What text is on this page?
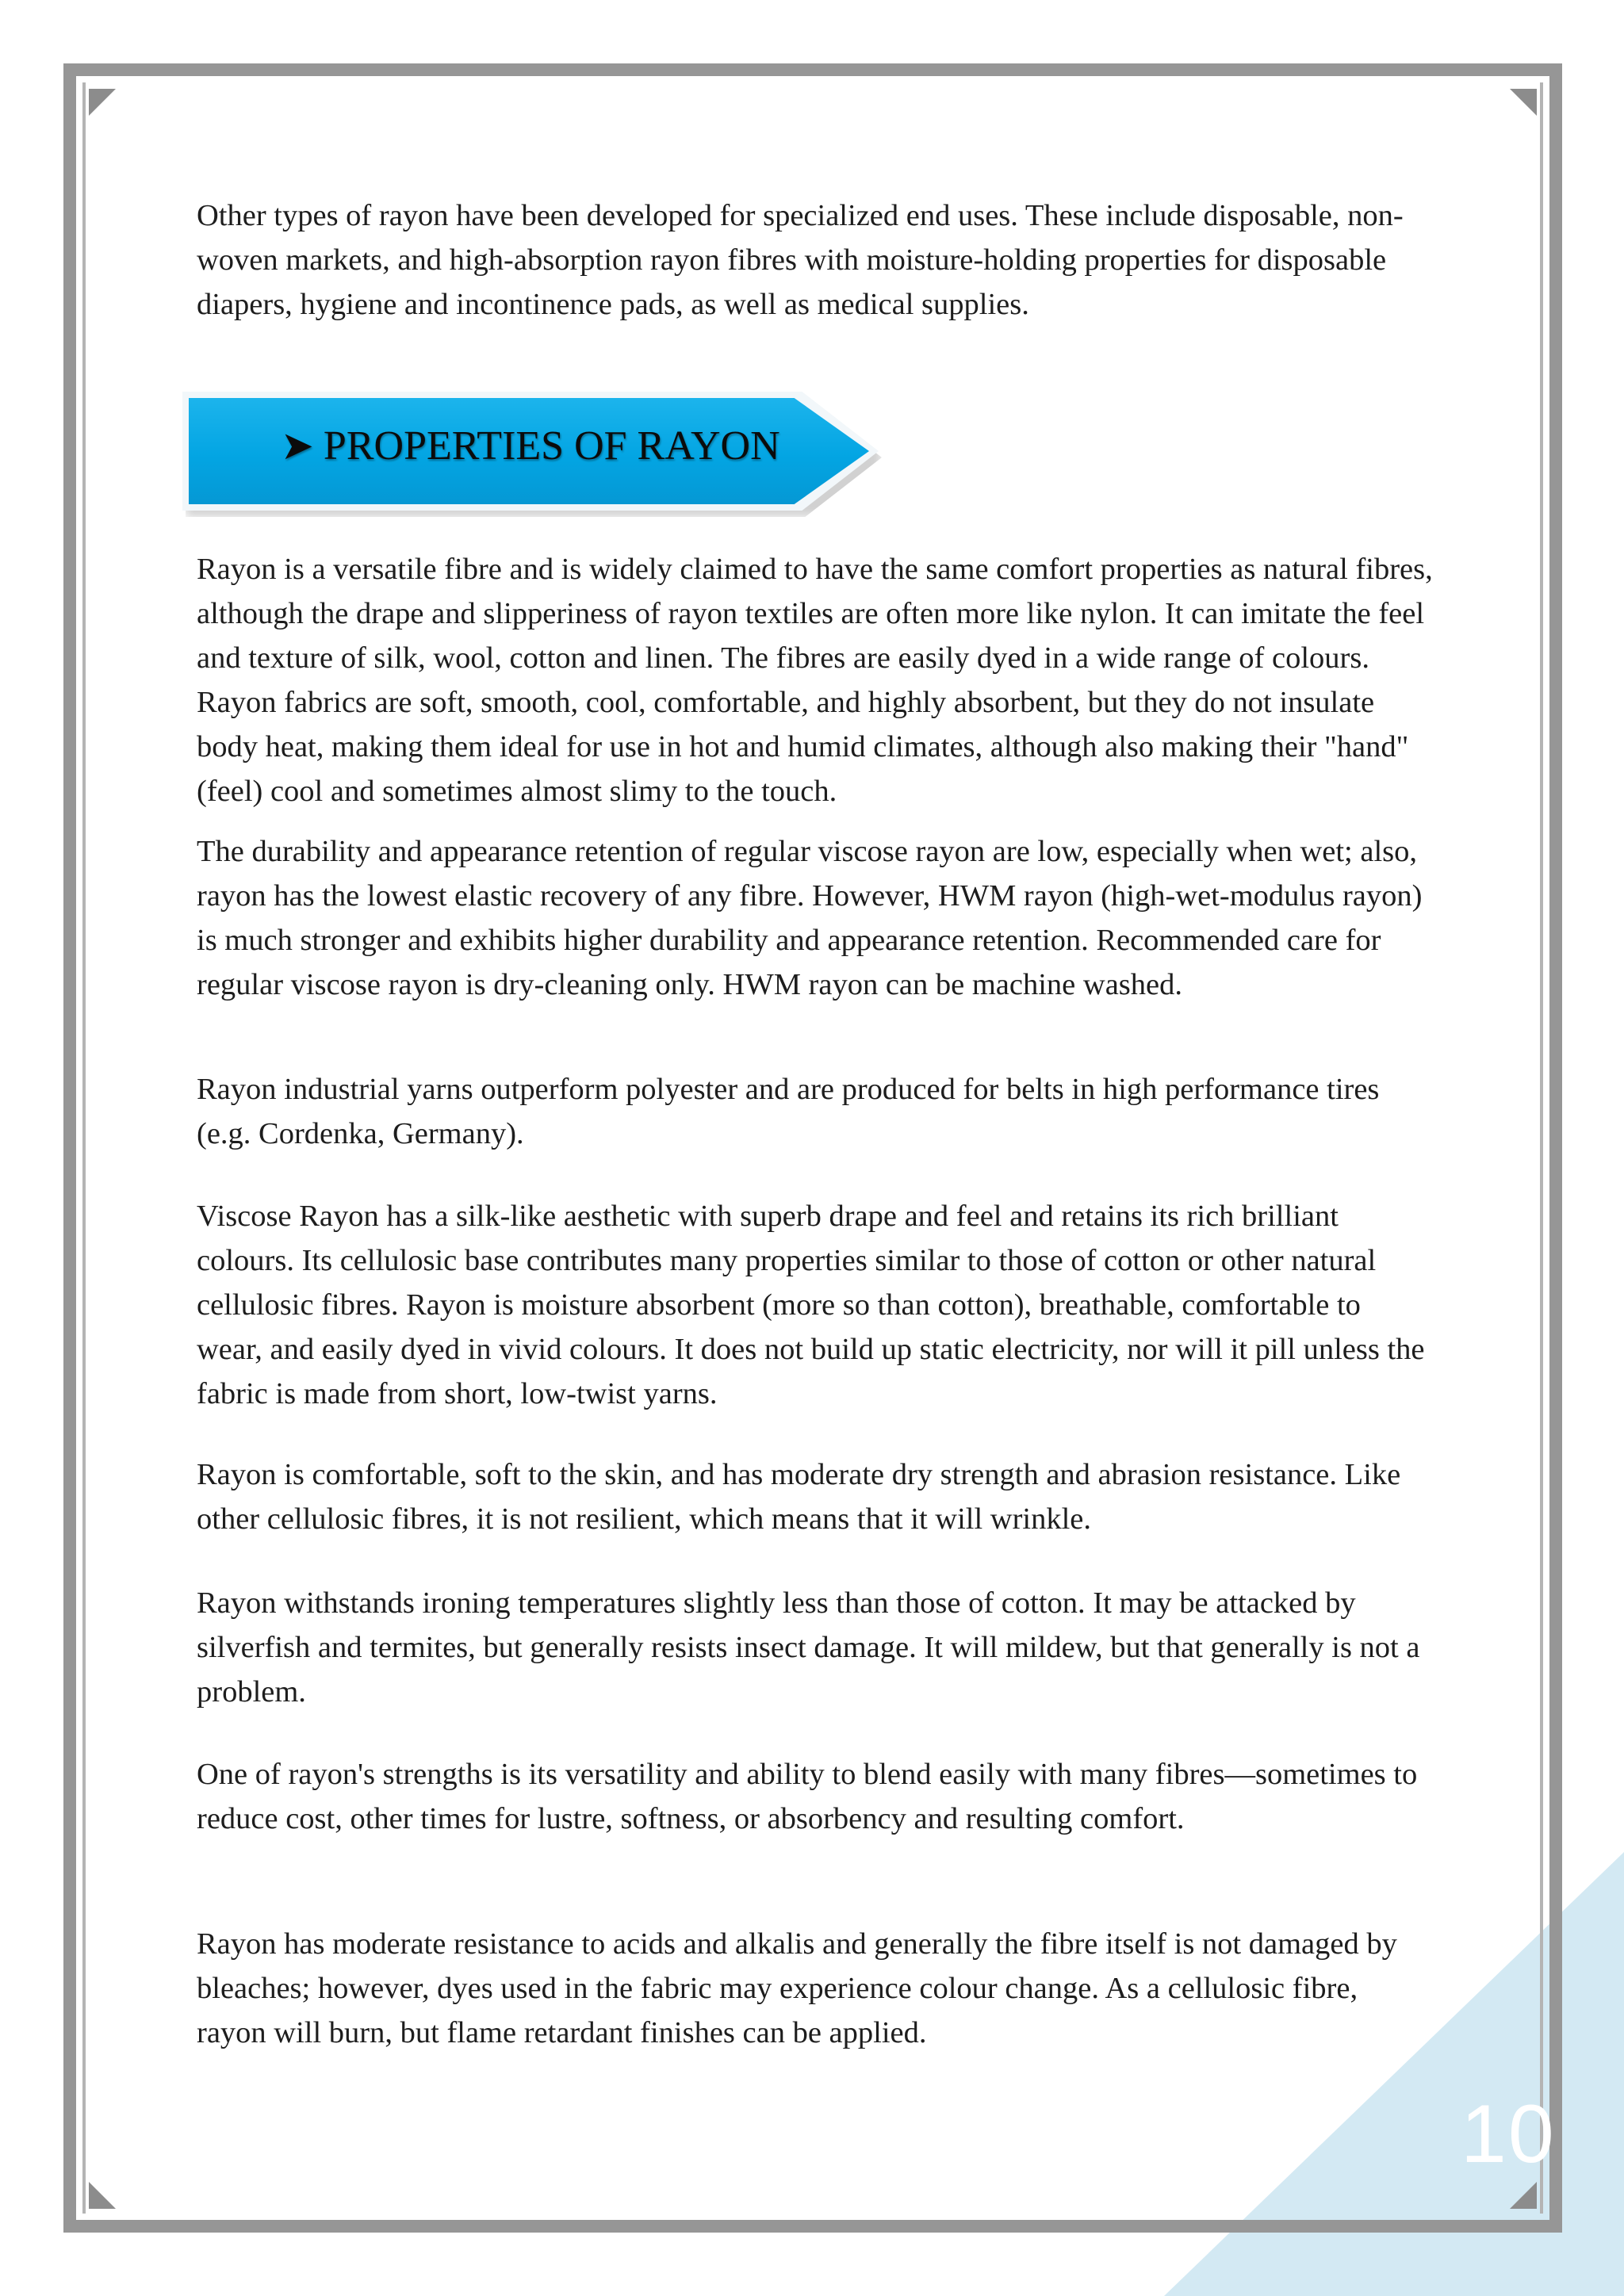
Other types of rayon have been developed for specialized end uses. These include disposable, non-woven markets, and high-absorption rayon fibres with moisture-holding properties for disposable diapers, hygiene and incontinence pads, as well as medical supplies.

➤ PROPERTIES OF RAYON

Rayon is a versatile fibre and is widely claimed to have the same comfort properties as natural fibres, although the drape and slipperiness of rayon textiles are often more like nylon. It can imitate the feel and texture of silk, wool, cotton and linen. The fibres are easily dyed in a wide range of colours. Rayon fabrics are soft, smooth, cool, comfortable, and highly absorbent, but they do not insulate body heat, making them ideal for use in hot and humid climates, although also making their "hand" (feel) cool and sometimes almost slimy to the touch.

The durability and appearance retention of regular viscose rayon are low, especially when wet; also, rayon has the lowest elastic recovery of any fibre. However, HWM rayon (high-wet-modulus rayon) is much stronger and exhibits higher durability and appearance retention. Recommended care for regular viscose rayon is dry-cleaning only. HWM rayon can be machine washed.

Rayon industrial yarns outperform polyester and are produced for belts in high performance tires (e.g. Cordenka, Germany).

Viscose Rayon has a silk-like aesthetic with superb drape and feel and retains its rich brilliant colours. Its cellulosic base contributes many properties similar to those of cotton or other natural cellulosic fibres. Rayon is moisture absorbent (more so than cotton), breathable, comfortable to wear, and easily dyed in vivid colours. It does not build up static electricity, nor will it pill unless the fabric is made from short, low-twist yarns.

Rayon is comfortable, soft to the skin, and has moderate dry strength and abrasion resistance. Like other cellulosic fibres, it is not resilient, which means that it will wrinkle.

Rayon withstands ironing temperatures slightly less than those of cotton. It may be attacked by silverfish and termites, but generally resists insect damage. It will mildew, but that generally is not a problem.

One of rayon's strengths is its versatility and ability to blend easily with many fibres—sometimes to reduce cost, other times for lustre, softness, or absorbency and resulting comfort.

Rayon has moderate resistance to acids and alkalis and generally the fibre itself is not damaged by bleaches; however, dyes used in the fabric may experience colour change. As a cellulosic fibre, rayon will burn, but flame retardant finishes can be applied.

10
